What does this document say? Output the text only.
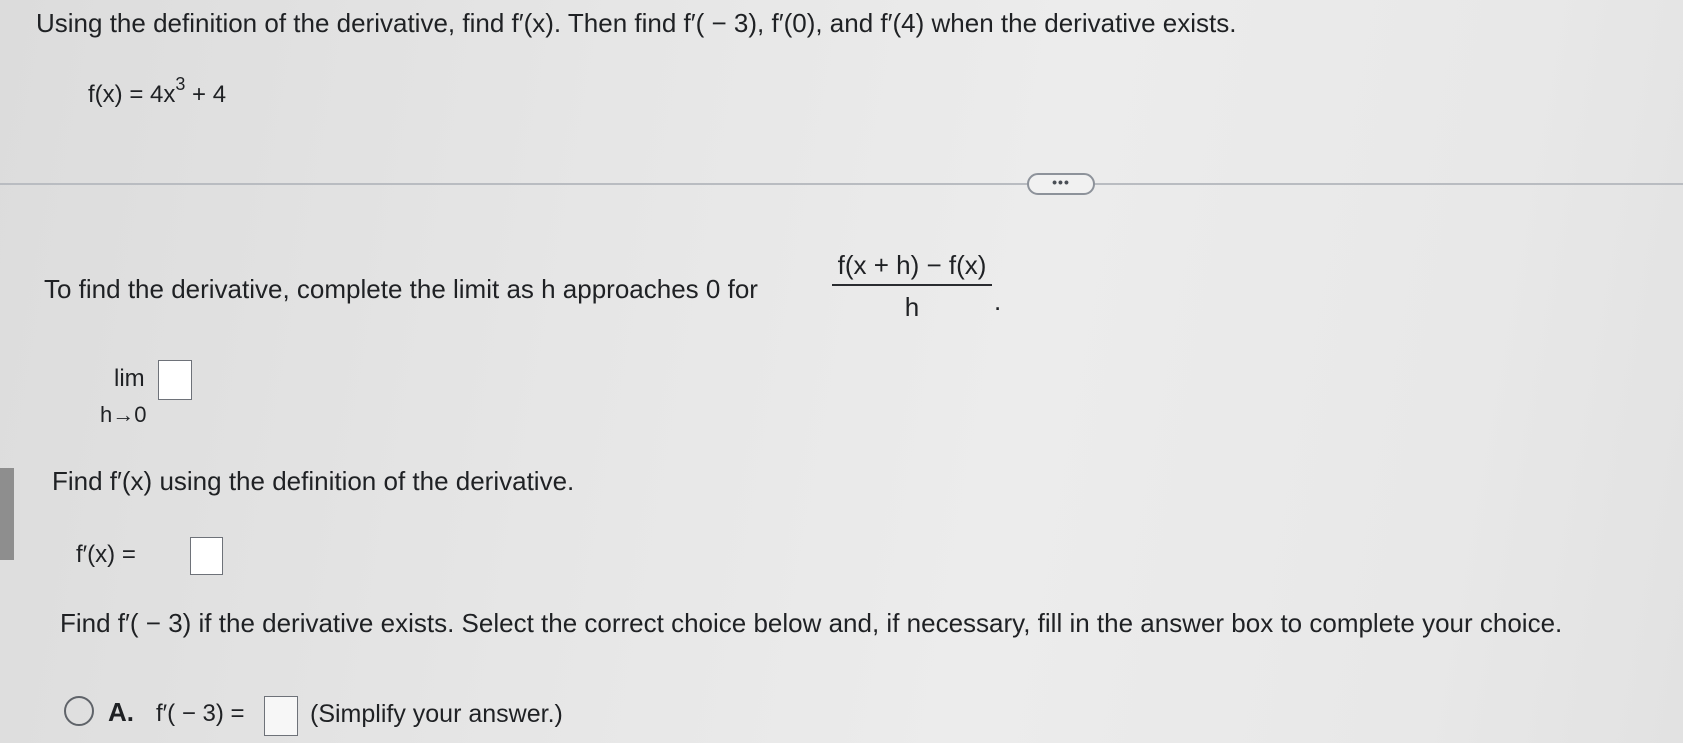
Using the definition of the derivative, find f′(x). Then find f′( − 3), f′(0), and f′(4) when the derivative exists.
$f(x) = 4x^3 + 4$
•••
To find the derivative, complete the limit as h approaches 0 for
f(x + h) − f(x)
h	.
lim
h→0
Find f′(x) using the definition of the derivative.
f′(x) =
Find f′( − 3) if the derivative exists. Select the correct choice below and, if necessary, fill in the answer box to complete your choice.
A. f′( − 3) =	(Simplify your answer.)
